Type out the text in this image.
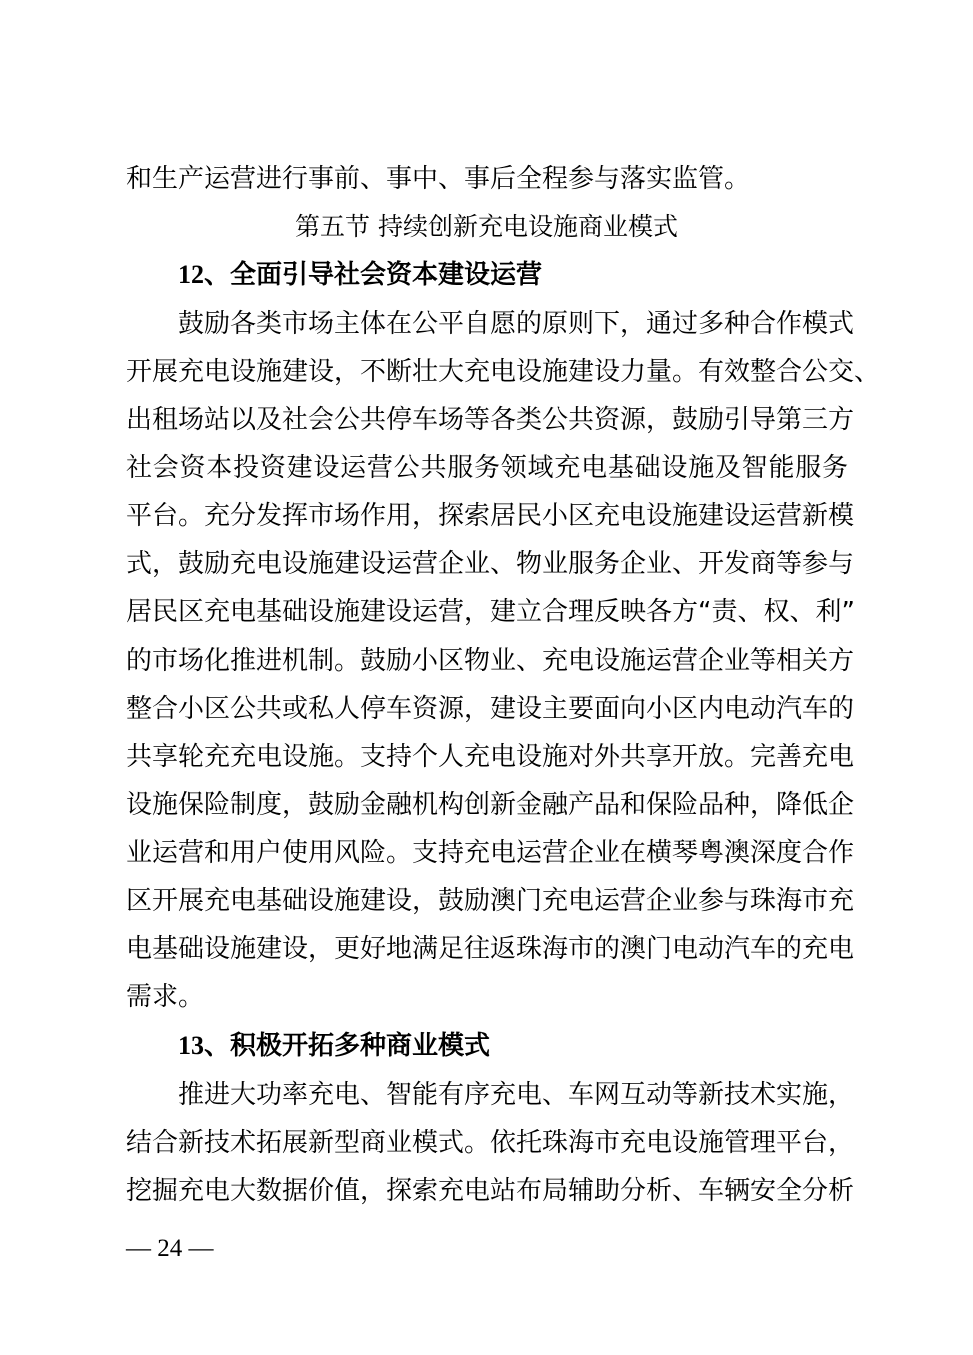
和生产运营进行事前、事中、事后全程参与落实监管。
第五节 持续创新充电设施商业模式
12、全面引导社会资本建设运营
鼓励各类市场主体在公平自愿的原则下，通过多种合作模式
开展充电设施建设，不断壮大充电设施建设力量。有效整合公交、
出租场站以及社会公共停车场等各类公共资源，鼓励引导第三方
社会资本投资建设运营公共服务领域充电基础设施及智能服务
平台。充分发挥市场作用，探索居民小区充电设施建设运营新模
式，鼓励充电设施建设运营企业、物业服务企业、开发商等参与
居民区充电基础设施建设运营，建立合理反映各方“责、权、利”
的市场化推进机制。鼓励小区物业、充电设施运营企业等相关方
整合小区公共或私人停车资源，建设主要面向小区内电动汽车的
共享轮充充电设施。支持个人充电设施对外共享开放。完善充电
设施保险制度，鼓励金融机构创新金融产品和保险品种，降低企
业运营和用户使用风险。支持充电运营企业在横琴粤澳深度合作
区开展充电基础设施建设，鼓励澳门充电运营企业参与珠海市充
电基础设施建设，更好地满足往返珠海市的澳门电动汽车的充电
需求。
13、积极开拓多种商业模式
推进大功率充电、智能有序充电、车网互动等新技术实施，
结合新技术拓展新型商业模式。依托珠海市充电设施管理平台，
挖掘充电大数据价值，探索充电站布局辅助分析、车辆安全分析
— 24 —
